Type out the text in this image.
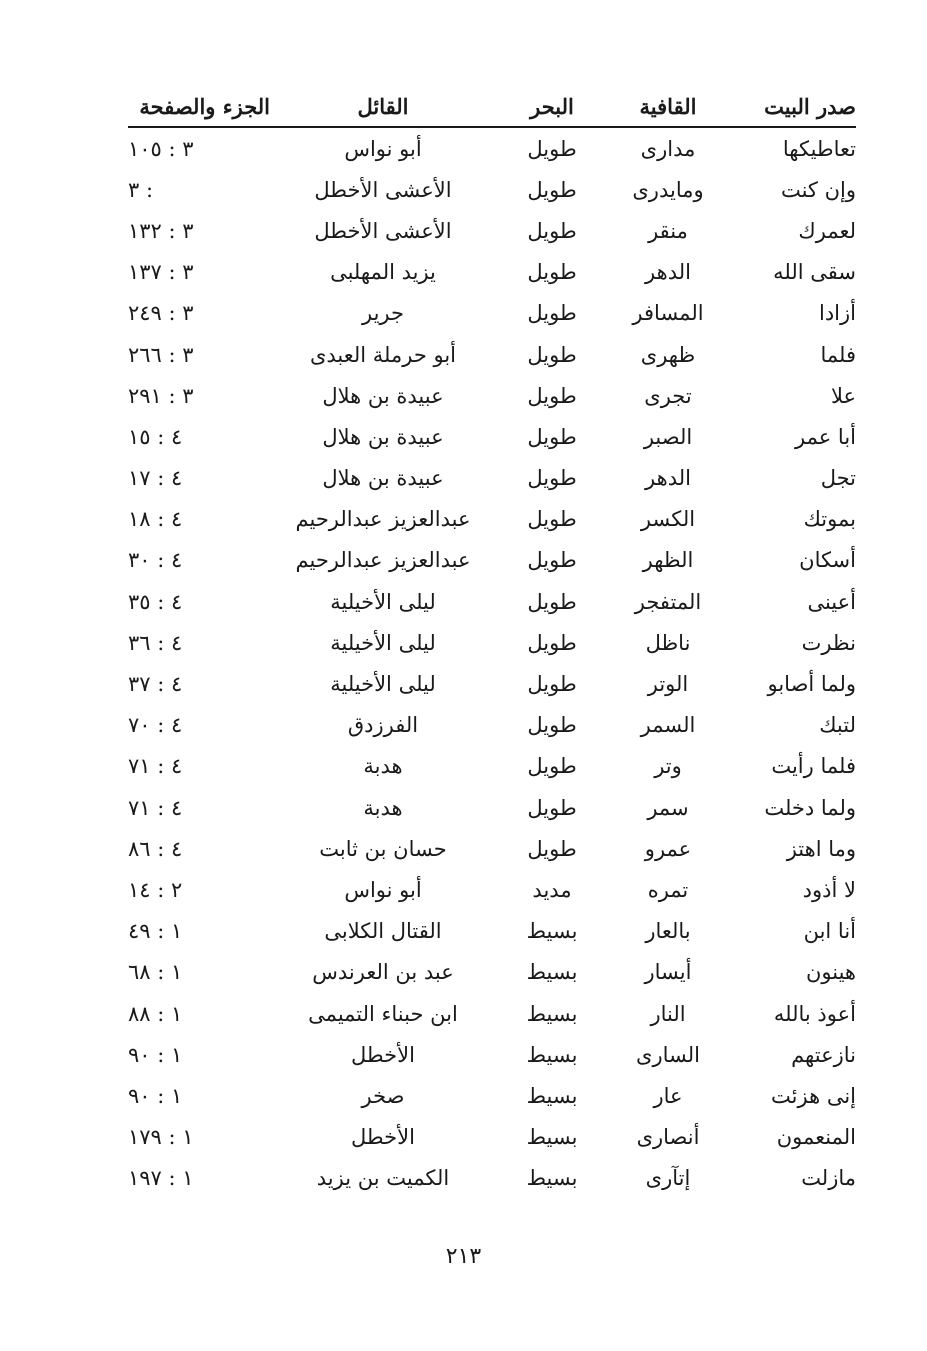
صدر البيت	القافية	البحر	القائل	الجزء والصفحة
تعاطيكها	مدارى	طويل	أبو نواس	٣ : ١٠٥
وإن كنت	ومايدرى	طويل	الأعشى الأخطل	٣ :
لعمرك	منقر	طويل	الأعشى الأخطل	٣ : ١٣٢
سقى الله	الدهر	طويل	يزيد المهلبى	٣ : ١٣٧
أزادا	المسافر	طويل	جرير	٣ : ٢٤٩
فلما	ظهرى	طويل	أبو حرملة العبدى	٣ : ٢٦٦
علا	تجرى	طويل	عبيدة بن هلال	٣ : ٢٩١
أبا عمر	الصبر	طويل	عبيدة بن هلال	٤ : ١٥
تجل	الدهر	طويل	عبيدة بن هلال	٤ : ١٧
بموتك	الكسر	طويل	عبدالعزيز عبدالرحيم	٤ : ١٨
أسكان	الظهر	طويل	عبدالعزيز عبدالرحيم	٤ : ٣٠
أعينى	المتفجر	طويل	ليلى الأخيلية	٤ : ٣٥
نظرت	ناظل	طويل	ليلى الأخيلية	٤ : ٣٦
ولما أصابو	الوتر	طويل	ليلى الأخيلية	٤ : ٣٧
لتبك	السمر	طويل	الفرزدق	٤ : ٧٠
فلما رأيت	وتر	طويل	هدبة	٤ : ٧١
ولما دخلت	سمر	طويل	هدبة	٤ : ٧١
وما اهتز	عمرو	طويل	حسان بن ثابت	٤ : ٨٦
لا أذود	تمره	مديد	أبو نواس	٢ : ١٤
أنا ابن	بالعار	بسيط	القتال الكلابى	١ : ٤٩
هينون	أيسار	بسيط	عبد بن العرندس	١ : ٦٨
أعوذ بالله	النار	بسيط	ابن حبناء التميمى	١ : ٨٨
نازعتهم	السارى	بسيط	الأخطل	١ : ٩٠
إنى هزئت	عار	بسيط	صخر	١ : ٩٠
المنعمون	أنصارى	بسيط	الأخطل	١ : ١٧٩
مازلت	إتآرى	بسيط	الكميت بن يزيد	١ : ١٩٧
٢١٣
